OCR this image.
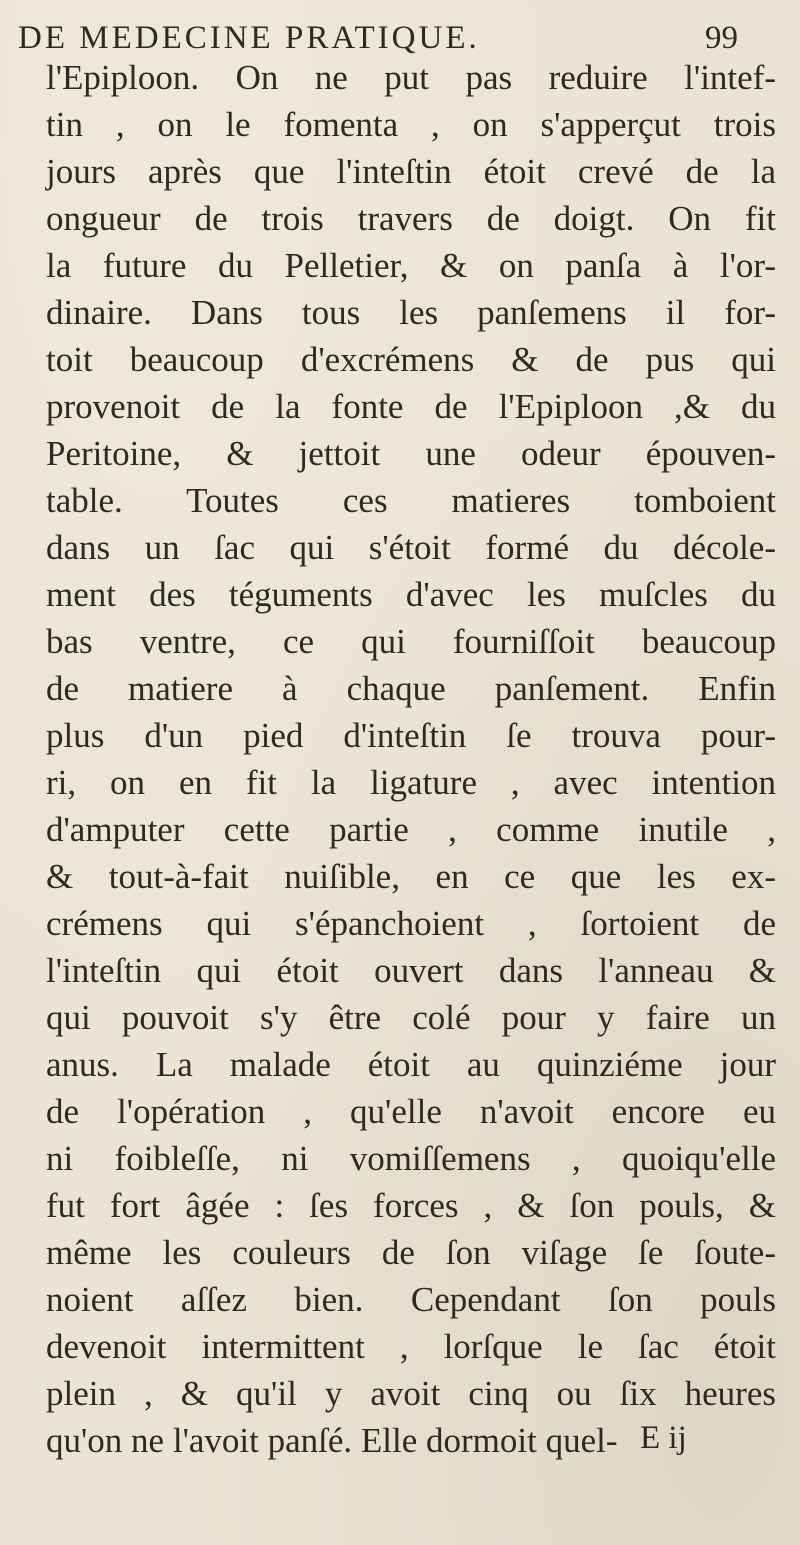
DE MEDECINE PRATIQUE.	99
l'Epiploon. On ne put pas reduire l'intef-
tin , on le fomenta , on s'apperçut trois
jours après que l'inteſtin étoit crevé de la
ongueur de trois travers de doigt. On fit
la future du Pelletier, & on panſa à l'or-
dinaire. Dans tous les panſemens il for-
toit beaucoup d'excrémens & de pus qui
provenoit de la fonte de l'Epiploon ,& du
Peritoine, & jettoit une odeur épouven-
table. Toutes ces matieres tomboient
dans un ſac qui s'étoit formé du décole-
ment des téguments d'avec les muſcles du
bas ventre, ce qui fourniſſoit beaucoup
de matiere à chaque panſement. Enfin
plus d'un pied d'inteſtin ſe trouva pour-
ri, on en fit la ligature , avec intention
d'amputer cette partie , comme inutile ,
& tout-à-fait nuiſible, en ce que les ex-
crémens qui s'épanchoient , ſortoient de
l'inteſtin qui étoit ouvert dans l'anneau &
qui pouvoit s'y être colé pour y faire un
anus. La malade étoit au quinziéme jour
de l'opération , qu'elle n'avoit encore eu
ni foibleſſe, ni vomiſſemens , quoiqu'elle
fut fort âgée : ſes forces , & ſon pouls, &
même les couleurs de ſon viſage ſe ſoute-
noient aſſez bien. Cependant ſon pouls
devenoit intermittent , lorſque le ſac étoit
plein , & qu'il y avoit cinq ou ſix heures
qu'on ne l'avoit panſé. Elle dormoit quel- E ij
